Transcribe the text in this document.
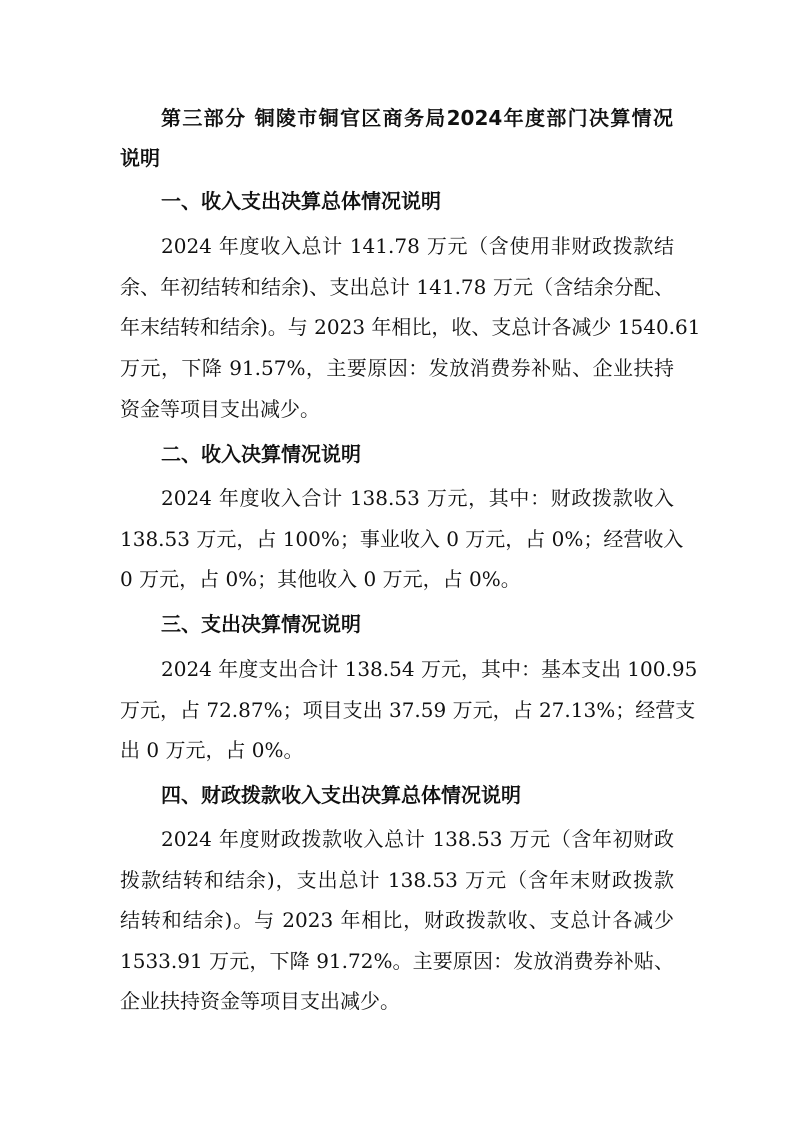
第三部分 铜陵市铜官区商务局2024年度部门决算情况
说明
一、收入支出决算总体情况说明
2024 年度收入总计 141.78 万元（含使用非财政拨款结
余、年初结转和结余)、支出总计 141.78 万元（含结余分配、
年末结转和结余)。与 2023 年相比，收、支总计各减少 1540.61
万元，下降 91.57%，主要原因：发放消费券补贴、企业扶持
资金等项目支出减少。
二、收入决算情况说明
2024 年度收入合计 138.53 万元，其中：财政拨款收入
138.53 万元，占 100%；事业收入 0 万元，占 0%；经营收入
0 万元，占 0%；其他收入 0 万元，占 0%。
三、支出决算情况说明
2024 年度支出合计 138.54 万元，其中：基本支出 100.95
万元，占 72.87%；项目支出 37.59 万元，占 27.13%；经营支
出 0 万元，占 0%。
四、财政拨款收入支出决算总体情况说明
2024 年度财政拨款收入总计 138.53 万元（含年初财政
拨款结转和结余)，支出总计 138.53 万元（含年末财政拨款
结转和结余)。与 2023 年相比，财政拨款收、支总计各减少
1533.91 万元，下降 91.72%。主要原因：发放消费券补贴、
企业扶持资金等项目支出减少。
